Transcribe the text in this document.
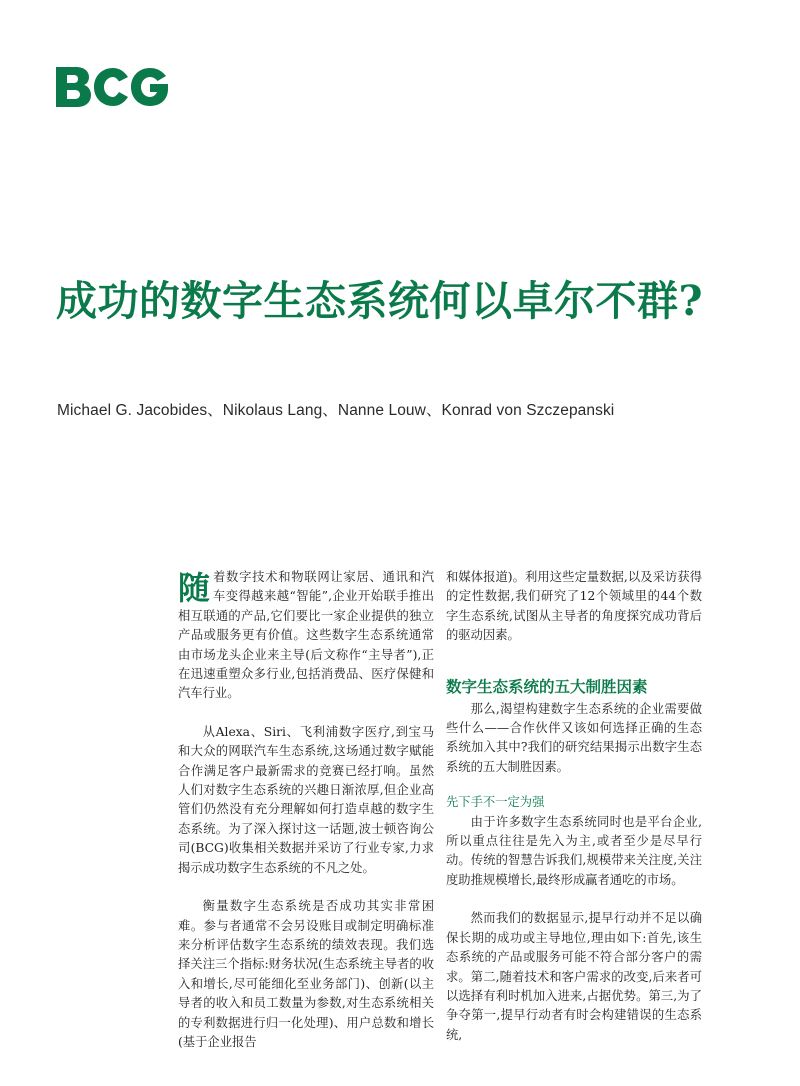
成功的数字生态系统何以卓尔不群?
Michael G. Jacobides、Nikolaus Lang、Nanne Louw、Konrad von Szczepanski

随着数字技术和物联网让家居、通讯和汽车变得越来越“智能”,企业开始联手推出相互联通的产品,它们要比一家企业提供的独立产品或服务更有价值。这些数字生态系统通常由市场龙头企业来主导(后文称作“主导者”),正在迅速重塑众多行业,包括消费品、医疗保健和汽车行业。

从Alexa、Siri、飞利浦数字医疗,到宝马和大众的网联汽车生态系统,这场通过数字赋能合作满足客户最新需求的竞赛已经打响。虽然人们对数字生态系统的兴趣日渐浓厚,但企业高管们仍然没有充分理解如何打造卓越的数字生态系统。为了深入探讨这一话题,波士顿咨询公司(BCG)收集相关数据并采访了行业专家,力求揭示成功数字生态系统的不凡之处。

衡量数字生态系统是否成功其实非常困难。参与者通常不会另设账目或制定明确标准来分析评估数字生态系统的绩效表现。我们选择关注三个指标:财务状况(生态系统主导者的收入和增长,尽可能细化至业务部门)、创新(以主导者的收入和员工数量为参数,对生态系统相关的专利数据进行归一化处理)、用户总数和增长(基于企业报告

和媒体报道)。利用这些定量数据,以及采访获得的定性数据,我们研究了12个领域里的44个数字生态系统,试图从主导者的角度探究成功背后的驱动因素。

数字生态系统的五大制胜因素

那么,渴望构建数字生态系统的企业需要做些什么——合作伙伴又该如何选择正确的生态系统加入其中?我们的研究结果揭示出数字生态系统的五大制胜因素。

先下手不一定为强

由于许多数字生态系统同时也是平台企业,所以重点往往是先入为主,或者至少是尽早行动。传统的智慧告诉我们,规模带来关注度,关注度助推规模增长,最终形成赢者通吃的市场。

然而我们的数据显示,提早行动并不足以确保长期的成功或主导地位,理由如下:首先,该生态系统的产品或服务可能不符合部分客户的需求。第二,随着技术和客户需求的改变,后来者可以选择有利时机加入进来,占据优势。第三,为了争夺第一,提早行动者有时会构建错误的生态系统,
